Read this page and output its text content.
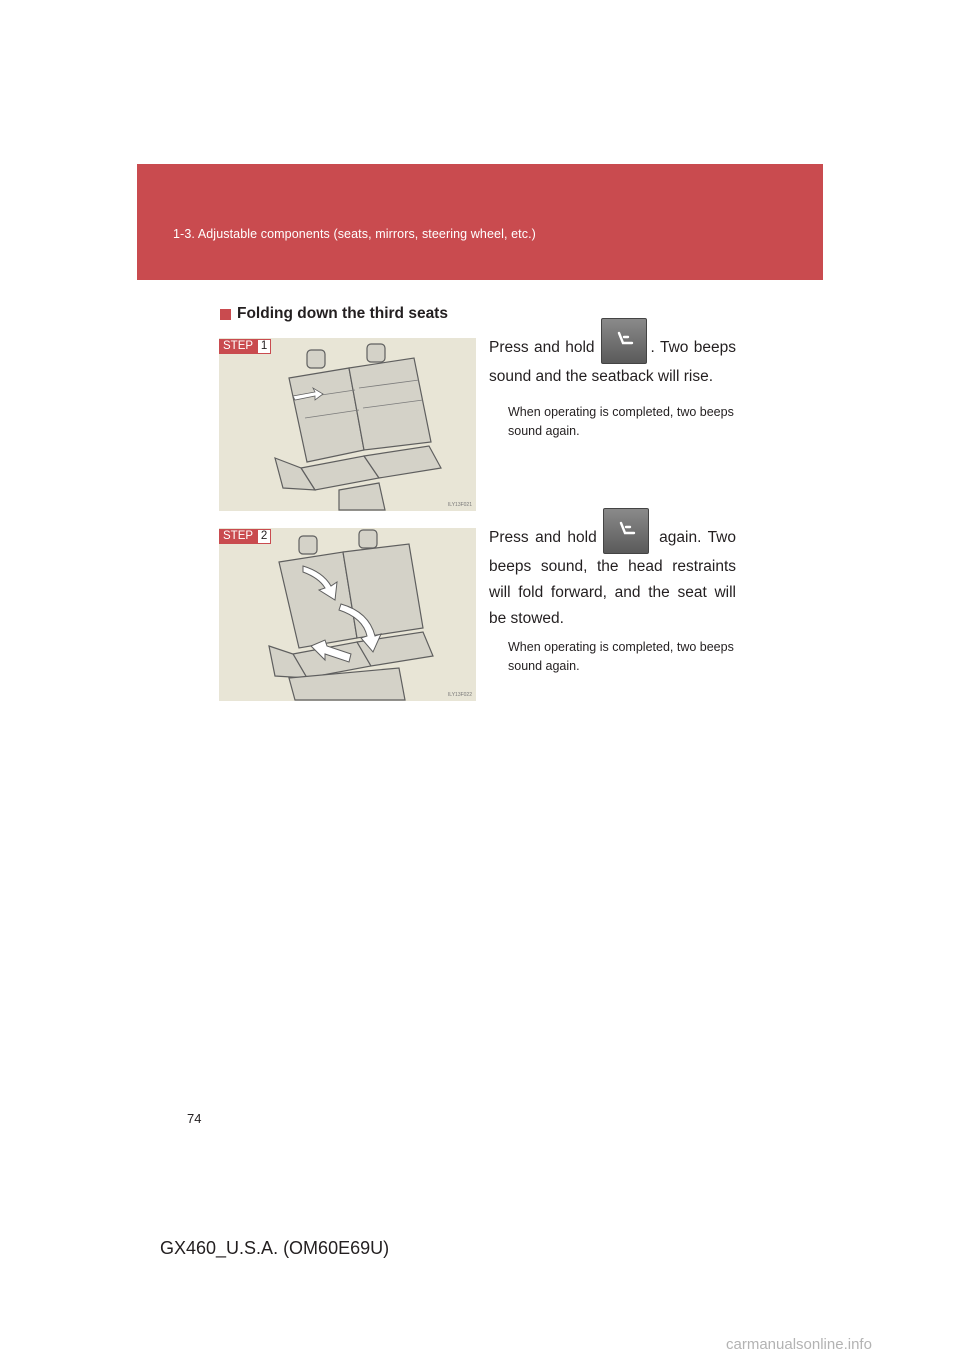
1-3. Adjustable components (seats, mirrors, steering wheel, etc.)
Folding down the third seats
STEP 1
ILY13F021
Press and hold	. Two beeps sound and the seatback will rise.
When operating is completed, two beeps sound again.
STEP 2
ILY13F022
Press and hold	again. Two beeps sound, the head restraints will fold forward, and the seat will be stowed.
When operating is completed, two beeps sound again.
74
GX460_U.S.A. (OM60E69U)
carmanualsonline.info
